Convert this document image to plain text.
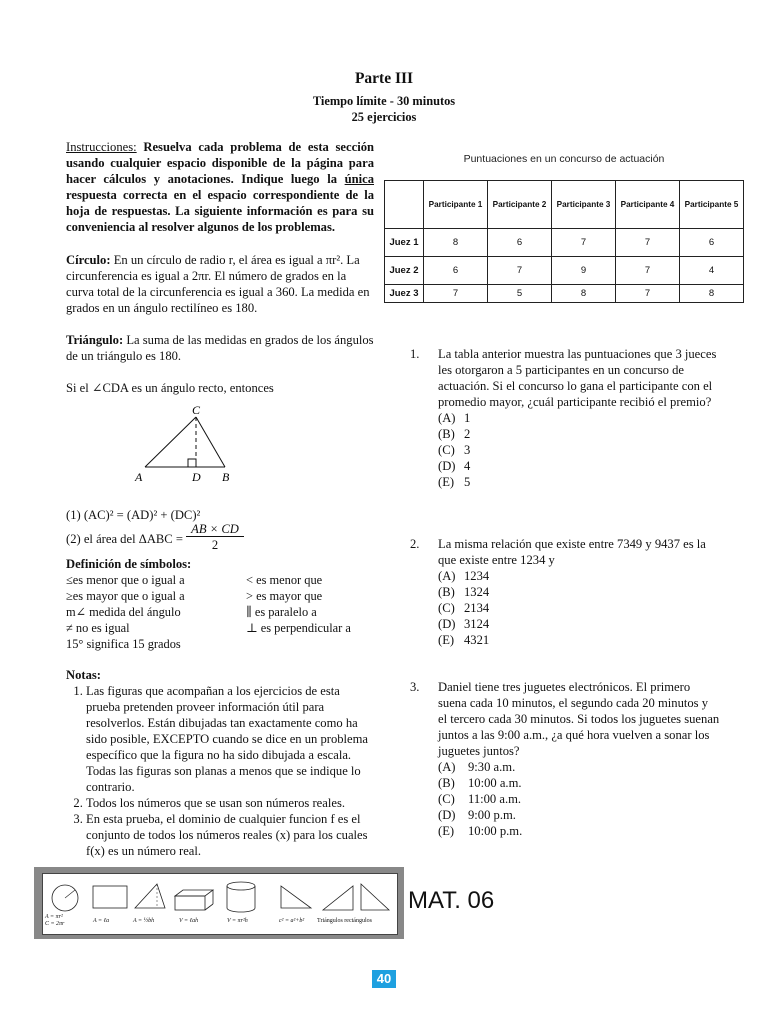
Parte III
Tiempo límite - 30 minutos
25 ejercicios
Instrucciones: Resuelva cada problema de esta sección usando cualquier espacio disponible de la página para hacer cálculos y anotaciones. Indique luego la única respuesta correcta en el espacio correspondiente de la hoja de respuestas. La siguiente información es para su conveniencia al resolver algunos de los problemas.
Círculo: En un círculo de radio r, el área es igual a πr². La circunferencia es igual a 2πr. El número de grados en la curva total de la circunferencia es igual a 360. La medida en grados en un ángulo rectilíneo es 180.
Triángulo: La suma de las medidas en grados de los ángulos de un triángulo es 180.
Si el ∠CDA es un ángulo recto, entonces
C
A	D B
(1) (AC)² = (AD)² + (DC)²
(2) el área del ΔABC =
AB × CD
2
Definición de símbolos:
≤es menor que o igual a	< es menor que
≥es mayor que o igual a	> es mayor que
m∠ medida del ángulo	∥ es paralelo a
≠ no es igual	⊥ es perpendicular a
15° significa 15 grados
Notas:
1. Las figuras que acompañan a los ejercicios de esta prueba pretenden proveer información útil para resolverlos. Están dibujadas tan exactamente como ha sido posible, EXCEPTO cuando se dice en un problema específico que la figura no ha sido dibujada a escala. Todas las figuras son planas a menos que se indique lo contrario.
2. Todos los números que se usan son números reales.
3. En esta prueba, el dominio de cualquier funcion f es el conjunto de todos los números reales (x) para los cuales f(x) es un número real.
Puntuaciones en un concurso de actuación
	Participante 1	Participante 2	Participante 3	Participante 4	Participante 5
Juez 1	8	6	7	7	6
Juez 2	6	7	9	7	4
Juez 3	7	5	8	7	8
1. La tabla anterior muestra las puntuaciones que 3 jueces les otorgaron a 5 participantes en un concurso de actuación. Si el concurso lo gana el participante con el promedio mayor, ¿cuál participante recibió el premio?
(A) 1
(B) 2
(C) 3
(D) 4
(E) 5
2. La misma relación que existe entre 7349 y 9437 es la que existe entre 1234 y
(A) 1234
(B) 1324
(C) 2134
(D) 3124
(E) 4321
3. Daniel tiene tres juguetes electrónicos. El primero suena cada 10 minutos, el segundo cada 20 minutos y el tercero cada 30 minutos. Si todos los juguetes suenan juntos a las 9:00 a.m., ¿a qué hora vuelven a sonar los juguetes juntos?
(A) 9:30 a.m.
(B)	10:00 a.m.
(C)	11:00 a.m.
(D) 9:00 p.m.
(E)	10:00 p.m.
A = πr²
C = 2πr	A = ℓa	A = ½bh	V = ℓah	V = πr²h	c² = a²+b² Triángulos rectángulos
MAT. 06
40
